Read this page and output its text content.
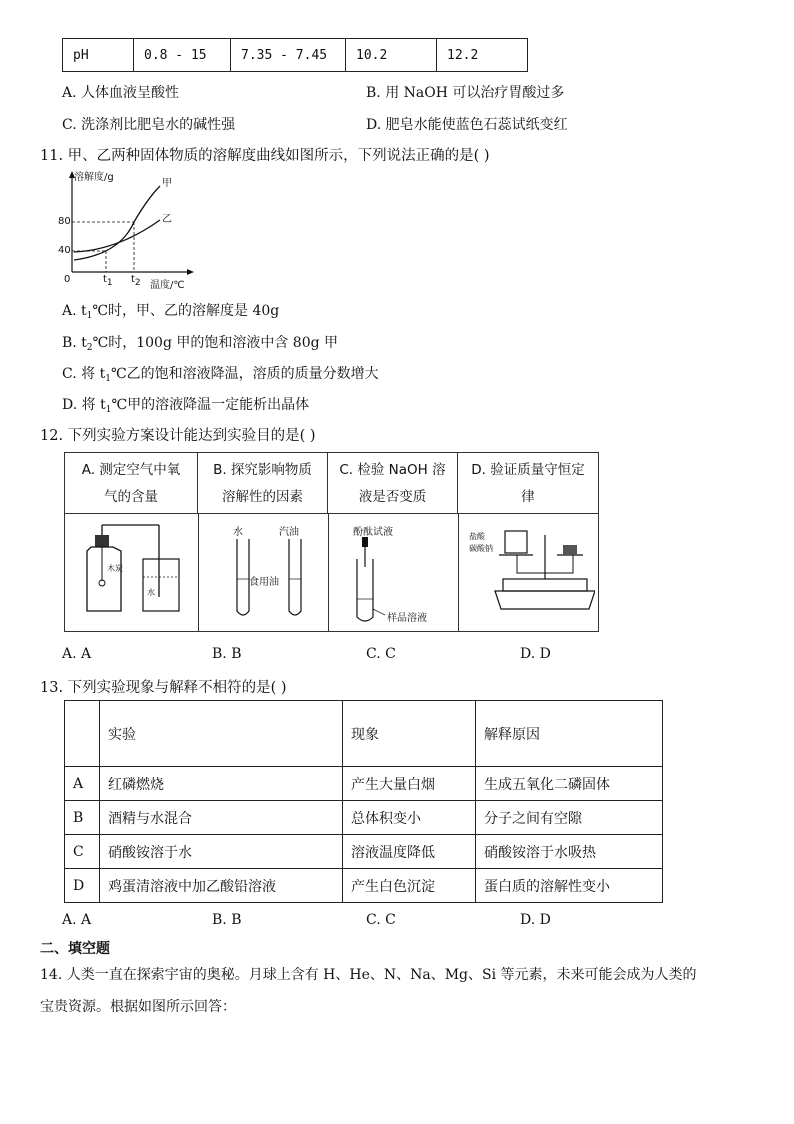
pH	0.8 - 15	7.35 - 7.45	10.2	12.2
A. 人体血液呈酸性	B. 用 NaOH 可以治疗胃酸过多
C. 洗涤剂比肥皂水的碱性强	D. 肥皂水能使蓝色石蕊试纸变红
11. 甲、乙两种固体物质的溶解度曲线如图所示，下列说法正确的是( )
溶解度/g
80
40
0	t1 t2 温度/℃
甲
乙
A. $t_1℃$时，甲、乙的溶解度是 40g
B. $t_2℃$时，100g 甲的饱和溶液中含 80g 甲
C. 将 $t_1℃$乙的饱和溶液降温，溶质的质量分数增大
D. 将 $t_1℃$甲的溶液降温一定能析出晶体
12. 下列实验方案设计能达到实验目的是( )
A. 测定空气中氧
气的含量
B. 探究影响物质
溶解性的因素
C. 检验 NaOH 溶
液是否变质
D. 验证质量守恒定
律
木炭
水
水	汽油
食用油
酚酞试液
样品溶液
盐酸
碳酸钠
A. A	B. B	C. C	D. D
13. 下列实验现象与解释不相符的是( )
	实验	现象	解释原因
A	红磷燃烧	产生大量白烟	生成五氧化二磷固体
B	酒精与水混合	总体积变小	分子之间有空隙
C	硝酸铵溶于水	溶液温度降低	硝酸铵溶于水吸热
D	鸡蛋清溶液中加乙酸铅溶液	产生白色沉淀	蛋白质的溶解性变小
A. A	B. B	C. C	D. D
二、填空题
14. 人类一直在探索宇宙的奥秘。月球上含有 H、He、N、Na、Mg、Si 等元素，未来可能会成为人类的
宝贵资源。根据如图所示回答：
